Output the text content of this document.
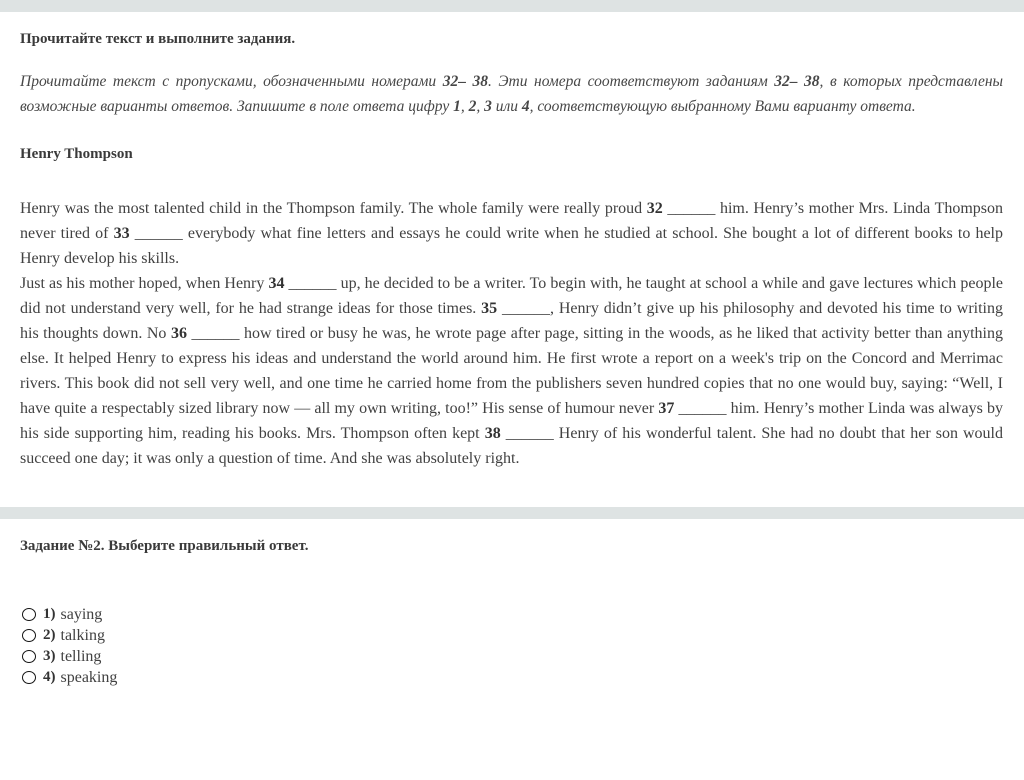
Прочитайте текст и выполните задания.

Прочитайте текст с пропусками, обозначенными номерами 32– 38. Эти номера соответствуют заданиям 32– 38, в которых представлены возможные варианты ответов. Запишите в поле ответа цифру 1, 2, 3 или 4, соответствующую выбранному Вами варианту ответа.

Henry Thompson

Henry was the most talented child in the Thompson family. The whole family were really proud 32 ______ him. Henry’s mother Mrs. Linda Thompson never tired of 33 ______ everybody what fine letters and essays he could write when he studied at school. She bought a lot of different books to help Henry develop his skills.

Just as his mother hoped, when Henry 34 ______ up, he decided to be a writer. To begin with, he taught at school a while and gave lectures which people did not understand very well, for he had strange ideas for those times. 35 ______, Henry didn’t give up his philosophy and devoted his time to writing his thoughts down. No 36 ______ how tired or busy he was, he wrote page after page, sitting in the woods, as he liked that activity better than anything else. It helped Henry to express his ideas and understand the world around him. He first wrote a report on a week's trip on the Concord and Merrimac rivers. This book did not sell very well, and one time he carried home from the publishers seven hundred copies that no one would buy, saying: “Well, I have quite a respectably sized library now — all my own writing, too!” His sense of humour never 37 ______ him. Henry’s mother Linda was always by his side supporting him, reading his books. Mrs. Thompson often kept 38 ______ Henry of his wonderful talent. She had no doubt that her son would succeed one day; it was only a question of time. And she was absolutely right.

Задание №2. Выберите правильный ответ.
1) saying
2) talking
3) telling
4) speaking
